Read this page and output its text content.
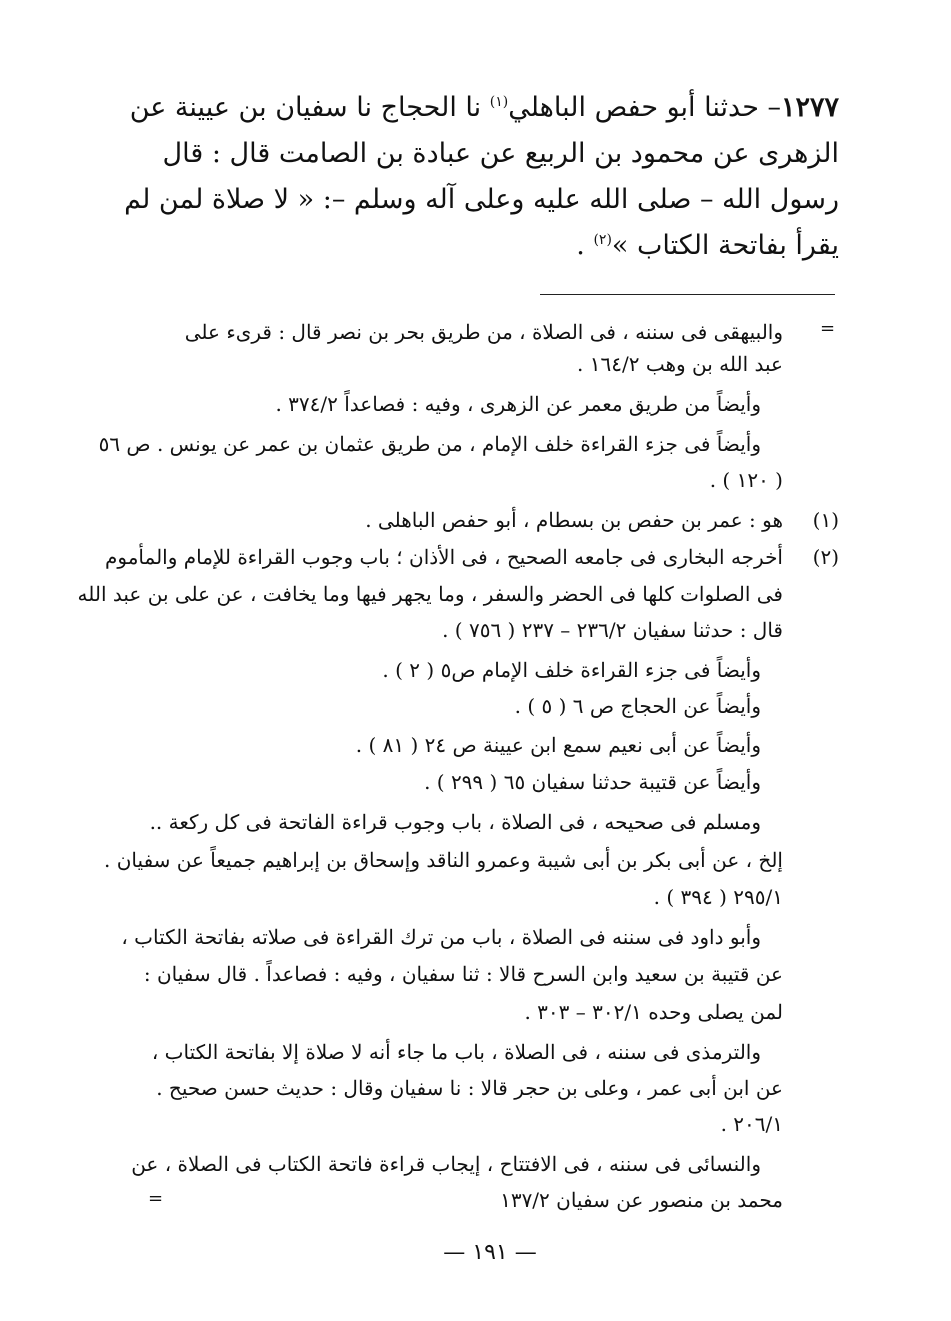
١٢٧٧– حدثنا أبو حفص الباهلي$^{(١)}$ نا الحجاج نا سفيان بن عيينة عن
الزهرى عن محمود بن الربيع عن عبادة بن الصامت قال : قال
رسول الله – صلى الله عليه وعلى آله وسلم –: « لا صلاة لمن لم
يقرأ بفاتحة الكتاب »$^{(٢)}$ .
=
والبيهقى فى سننه ، فى الصلاة ، من طريق بحر بن نصر قال : قرىء على
عبد الله بن وهب ١٦٤/٢ .
وأيضاً من طريق معمر عن الزهرى ، وفيه : فصاعداً ٣٧٤/٢ .
وأيضاً فى جزء القراءة خلف الإمام ، من طريق عثمان بن عمر عن يونس . ص ٥٦
( ١٢٠ ) .
(١)
هو : عمر بن حفص بن بسطام ، أبو حفص الباهلى .
(٢)
أخرجه البخارى فى جامعه الصحيح ، فى الأذان ؛ باب وجوب القراءة للإمام والمأموم
فى الصلوات كلها فى الحضر والسفر ، وما يجهر فيها وما يخافت ، عن على بن عبد الله
قال : حدثنا سفيان ٢٣٦/٢ – ٢٣٧ ( ٧٥٦ ) .
وأيضاً فى جزء القراءة خلف الإمام ص٥ ( ٢ ) .
وأيضاً عن الحجاج ص ٦ ( ٥ ) .
وأيضاً عن أبى نعيم سمع ابن عيينة ص ٢٤ ( ٨١ ) .
وأيضاً عن قتيبة حدثنا سفيان ٦٥ ( ٢٩٩ ) .
ومسلم فى صحيحه ، فى الصلاة ، باب وجوب قراءة الفاتحة فى كل ركعة ..
إلخ ، عن أبى بكر بن أبى شيبة وعمرو الناقد وإسحاق بن إبراهيم جميعاً عن سفيان .
٢٩٥/١ ( ٣٩٤ ) .
وأبو داود فى سننه فى الصلاة ، باب من ترك القراءة فى صلاته بفاتحة الكتاب ،
عن قتيبة بن سعيد وابن السرح قالا : ثنا سفيان ، وفيه : فصاعداً . قال سفيان :
لمن يصلى وحده ٣٠٢/١ – ٣٠٣ .
والترمذى فى سننه ، فى الصلاة ، باب ما جاء أنه لا صلاة إلا بفاتحة الكتاب ،
عن ابن أبى عمر ، وعلى بن حجر قالا : نا سفيان وقال : حديث حسن صحيح .
٢٠٦/١ .
والنسائى فى سننه ، فى الافتتاح ، إيجاب قراءة فاتحة الكتاب فى الصلاة ، عن
محمد بن منصور عن سفيان ١٣٧/٢
=
— ١٩١ —
